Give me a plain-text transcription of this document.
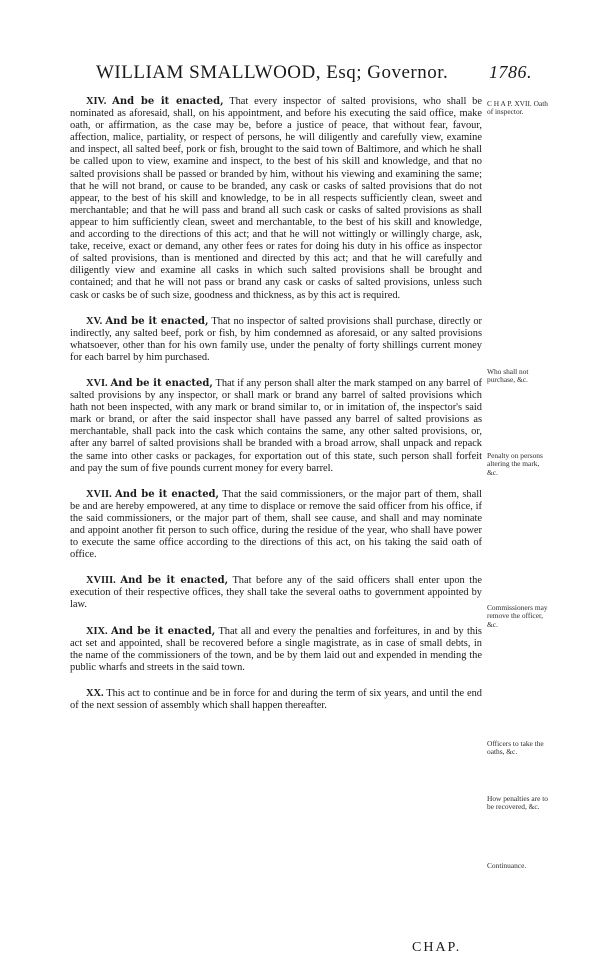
WILLIAM SMALLWOOD, Esq; Governor. 1786.

XIV. And be it enacted, That every inspector of salted provisions, who shall be nominated as aforesaid, shall, on his appointment, and before his executing the said office, make oath, or affirmation, as the case may be, before a justice of peace, that without fear, favour, affection, malice, partiality, or respect of persons, he will diligently and carefully view, examine and inspect, all salted beef, pork or fish, brought to the said town of Baltimore, and which he shall be called upon to view, examine and inspect, to the best of his skill and knowledge, and that no salted provisions shall be passed or branded by him, without his viewing and examining the same; that he will not brand, or cause to be branded, any cask or casks of salted provisions that do not appear, to the best of his skill and knowledge, to be in all respects sufficiently clean, sweet and merchantable; and that he will pass and brand all such cask or casks of salted provisions as shall appear to him sufficiently clean, sweet and merchantable, to the best of his skill and knowledge, and according to the directions of this act; and that he will not wittingly or willingly charge, ask, take, receive, exact or demand, any other fees or rates for doing his duty in his office as inspector of salted provisions, than is mentioned and directed by this act; and that he will carefully and diligently view and examine all casks in which such salted provisions shall be brought and contained; and that he will not pass or brand any cask or casks of salted provisions, unless such cask or casks be of such size, goodness and thickness, as by this act is required.

XV. And be it enacted, That no inspector of salted provisions shall purchase, directly or indirectly, any salted beef, pork or fish, by him condemned as aforesaid, or any salted provisions whatsoever, other than for his own family use, under the penalty of forty shillings current money for each barrel by him purchased.

XVI. And be it enacted, That if any person shall alter the mark stamped on any barrel of salted provisions by any inspector, or shall mark or brand any barrel of salted provisions which hath not been inspected, with any mark or brand similar to, or in imitation of, the inspector's said mark or brand, or after the said inspector shall have passed any barrel of salted provisions as merchantable, shall pack into the cask which contains the same, any other salted provisions, or, after any barrel of salted provisions shall be branded with a broad arrow, shall unpack and repack the same into other casks or packages, for exportation out of this state, such person shall forfeit and pay the sum of five pounds current money for every barrel.

XVII. And be it enacted, That the said commissioners, or the major part of them, shall be and are hereby empowered, at any time to displace or remove the said officer from his office, if the said commissioners, or the major part of them, shall see cause, and shall and may nominate and appoint another fit person to such office, during the residue of the year, who shall have power to execute the same office according to the directions of this act, on his taking the said oath of office.

XVIII. And be it enacted, That before any of the said officers shall enter upon the execution of their respective offices, they shall take the several oaths to government appointed by law.

XIX. And be it enacted, That all and every the penalties and forfeitures, in and by this act set and appointed, shall be recovered before a single magistrate, as in case of small debts, in the name of the commissioners of the town, and be by them laid out and expended in mending the public wharfs and streets in the said town.

XX. This act to continue and be in force for and during the term of six years, and until the end of the next session of assembly which shall happen thereafter.

C H A P. XVII. Oath of inspector.
Who shall not purchase, &c.
Penalty on persons altering the mark, &c.
Commissioners may remove the officer, &c.
Officers to take the oaths, &c.
How penalties are to be recovered, &c.
Continuance.
CHAP.
